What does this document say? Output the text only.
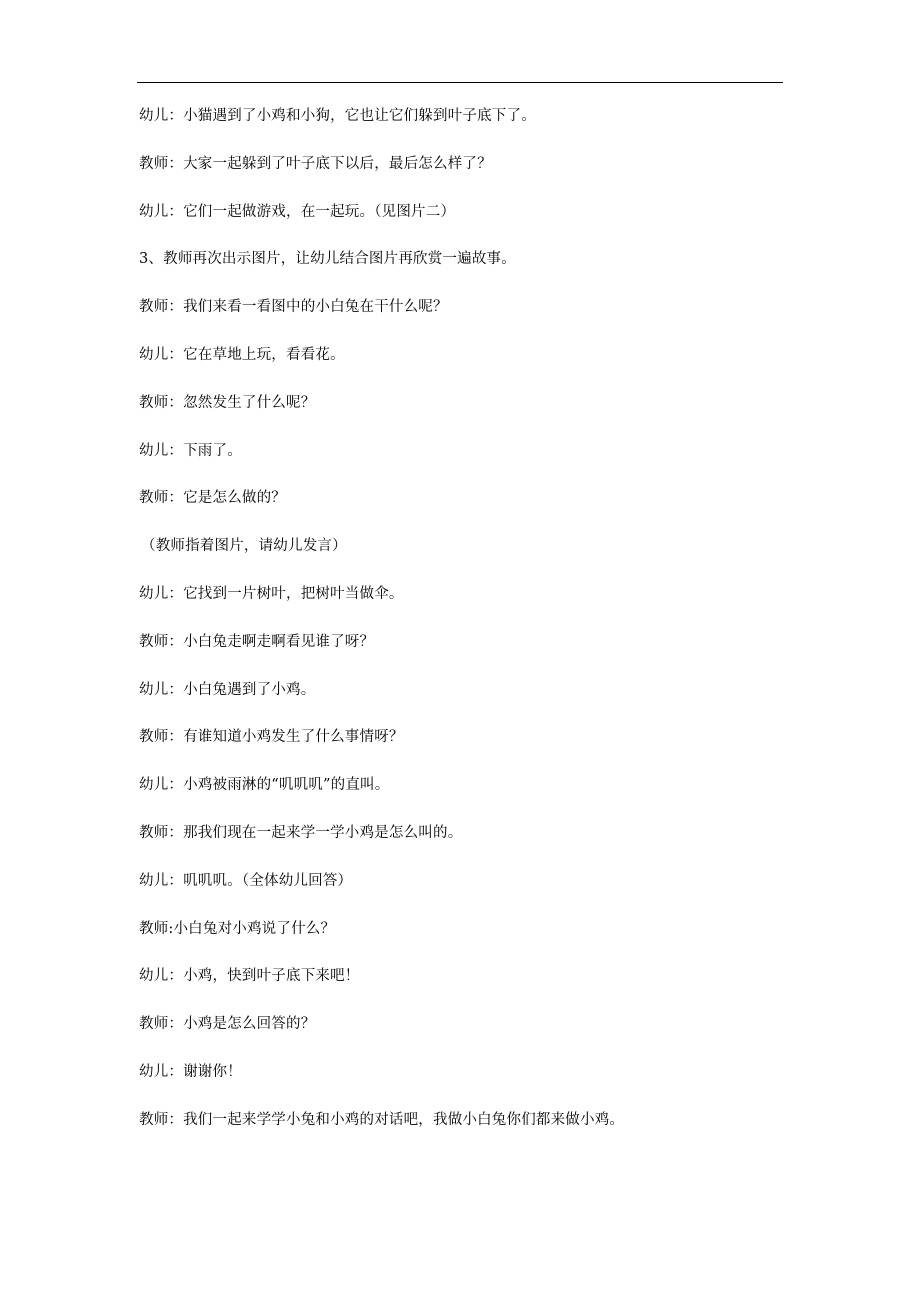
幼儿：小猫遇到了小鸡和小狗，它也让它们躲到叶子底下了。

教师：大家一起躲到了叶子底下以后，最后怎么样了？

幼儿：它们一起做游戏，在一起玩。（见图片二）

3、教师再次出示图片，让幼儿结合图片再欣赏一遍故事。

教师：我们来看一看图中的小白兔在干什么呢？

幼儿：它在草地上玩，看看花。

教师：忽然发生了什么呢？

幼儿：下雨了。

教师：它是怎么做的？

（教师指着图片，请幼儿发言）

幼儿：它找到一片树叶，把树叶当做伞。

教师：小白兔走啊走啊看见谁了呀？

幼儿：小白兔遇到了小鸡。

教师：有谁知道小鸡发生了什么事情呀？

幼儿：小鸡被雨淋的“叽叽叽”的直叫。

教师：那我们现在一起来学一学小鸡是怎么叫的。

幼儿：叽叽叽。（全体幼儿回答）

教师:小白兔对小鸡说了什么？

幼儿：小鸡，快到叶子底下来吧！

教师：小鸡是怎么回答的？

幼儿：谢谢你！

教师：我们一起来学学小兔和小鸡的对话吧，我做小白兔你们都来做小鸡。
